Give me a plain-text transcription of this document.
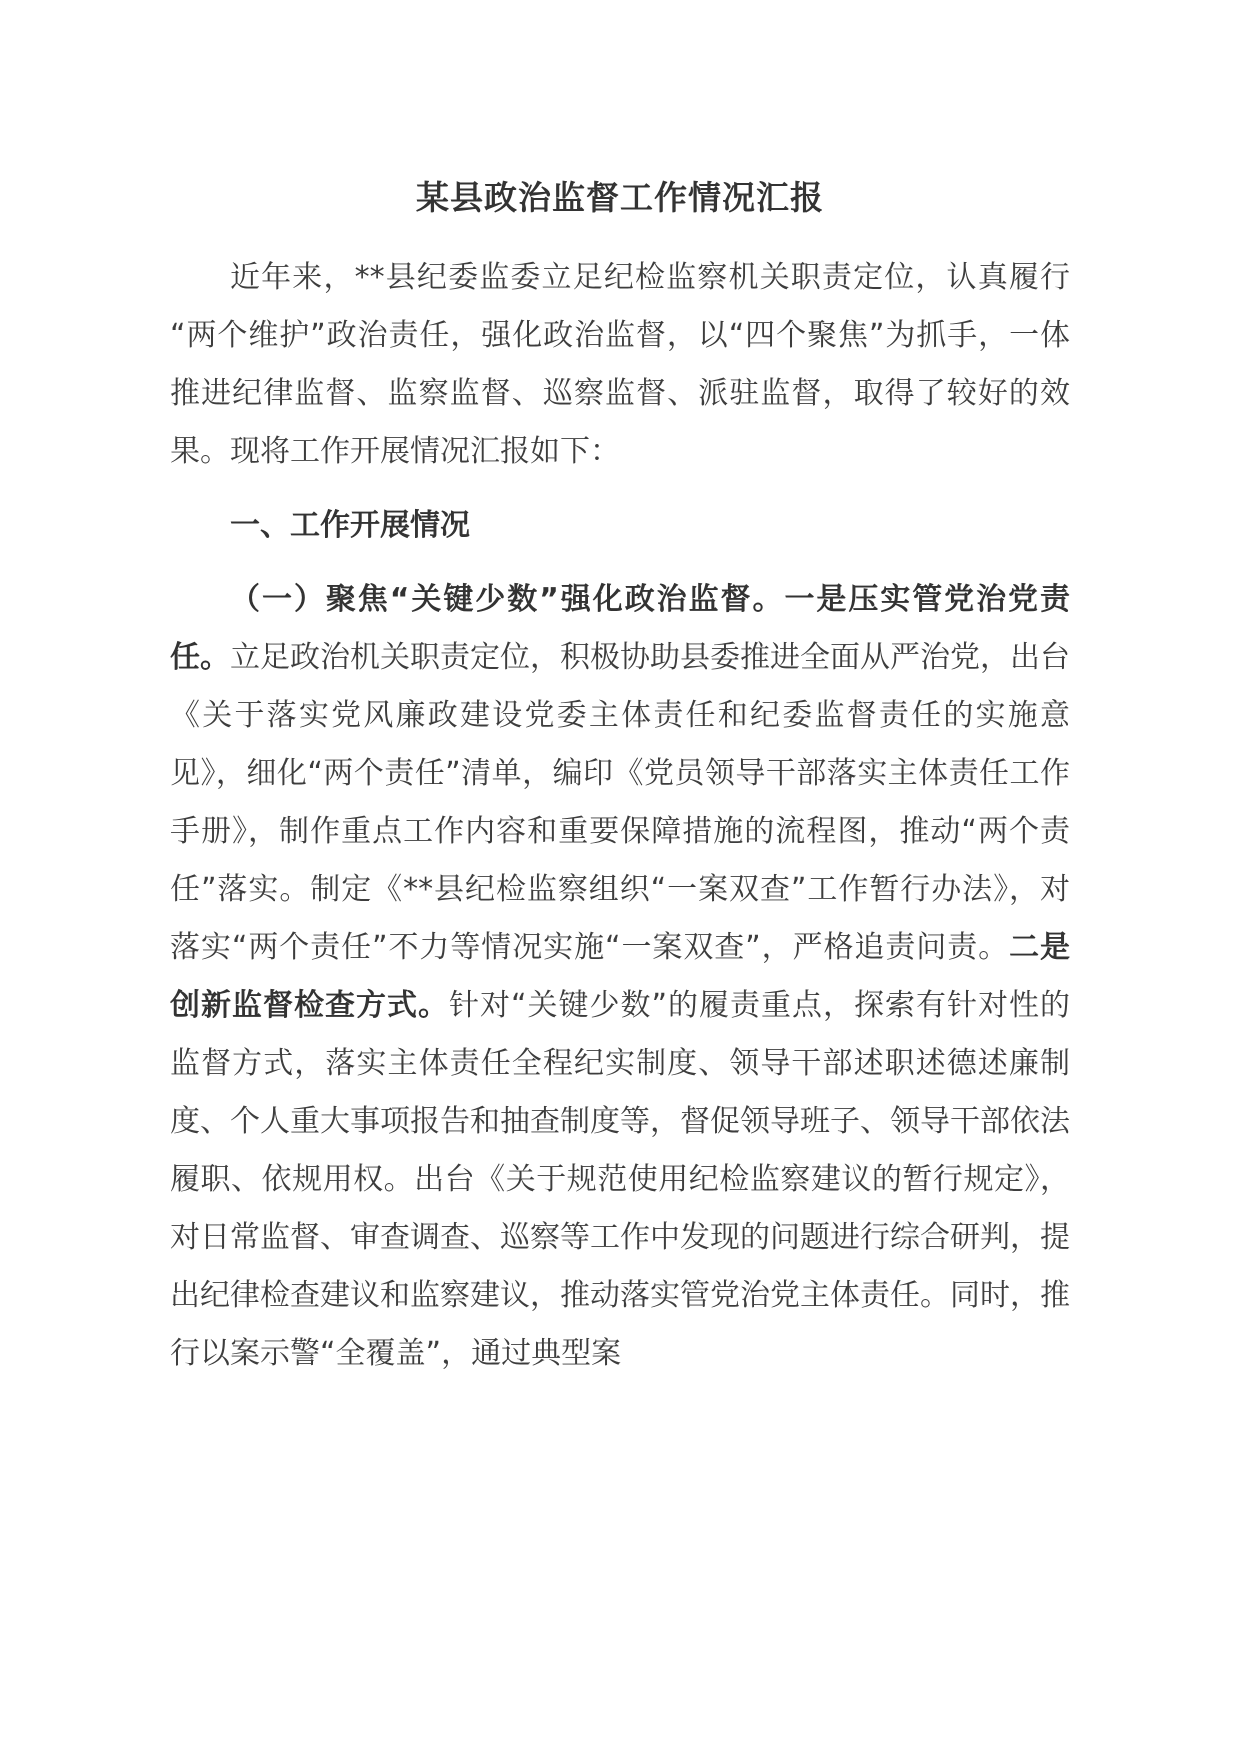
某县政治监督工作情况汇报

近年来，**县纪委监委立足纪检监察机关职责定位，认真履行“两个维护”政治责任，强化政治监督，以“四个聚焦”为抓手，一体推进纪律监督、监察监督、巡察监督、派驻监督，取得了较好的效果。现将工作开展情况汇报如下：

一、工作开展情况

（一）聚焦“关键少数”强化政治监督。一是压实管党治党责任。立足政治机关职责定位，积极协助县委推进全面从严治党，出台《关于落实党风廉政建设党委主体责任和纪委监督责任的实施意见》，细化“两个责任”清单，编印《党员领导干部落实主体责任工作手册》，制作重点工作内容和重要保障措施的流程图，推动“两个责任”落实。制定《**县纪检监察组织“一案双查”工作暂行办法》，对落实“两个责任”不力等情况实施“一案双查”，严格追责问责。二是创新监督检查方式。针对“关键少数”的履责重点，探索有针对性的监督方式，落实主体责任全程纪实制度、领导干部述职述德述廉制度、个人重大事项报告和抽查制度等，督促领导班子、领导干部依法履职、依规用权。出台《关于规范使用纪检监察建议的暂行规定》，对日常监督、审查调查、巡察等工作中发现的问题进行综合研判，提出纪律检查建议和监察建议，推动落实管党治党主体责任。同时，推行以案示警“全覆盖”，通过典型案
